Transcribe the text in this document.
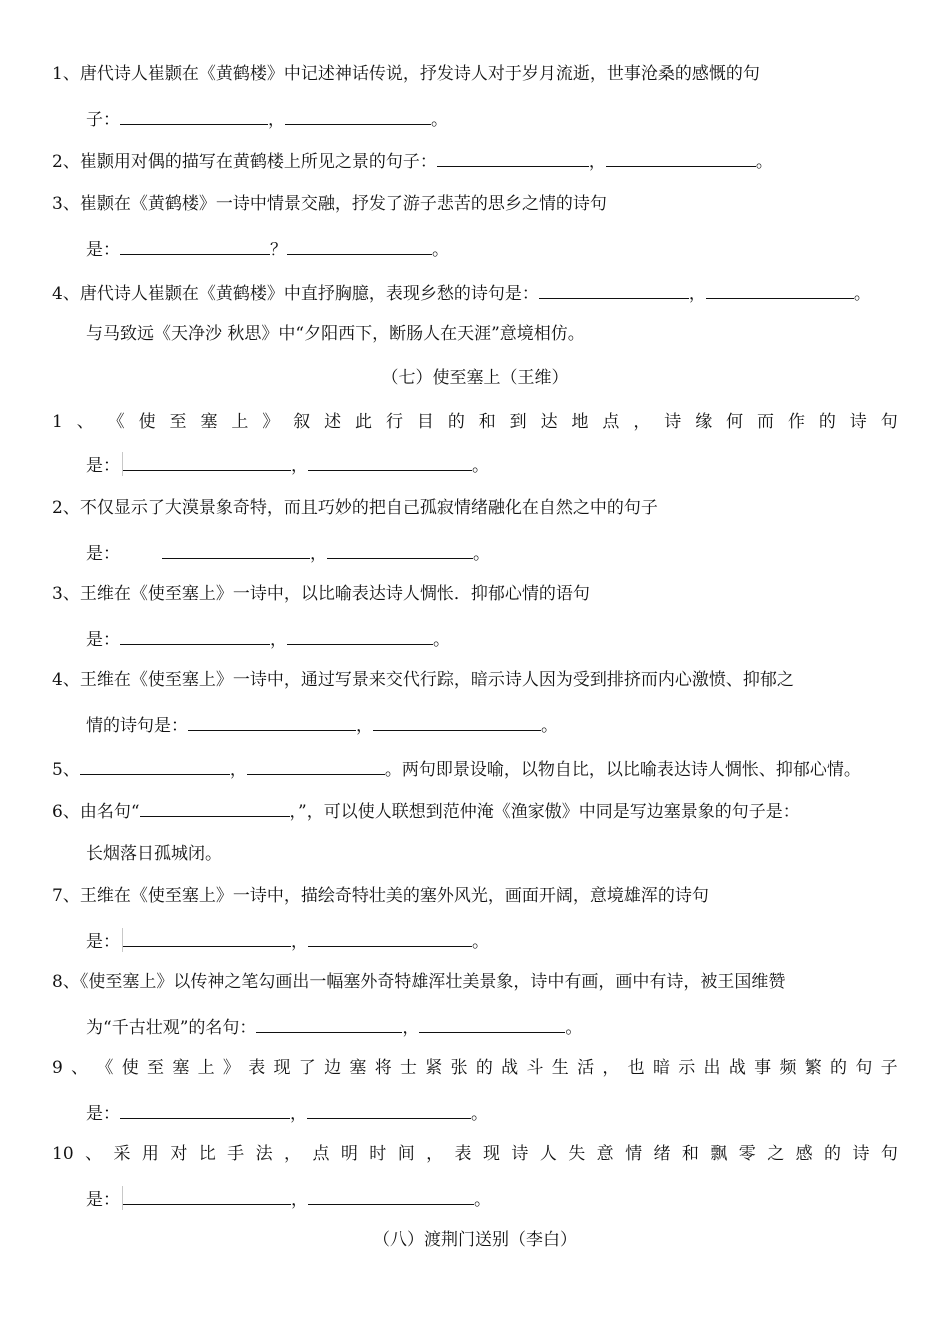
1、唐代诗人崔颢在《黄鹤楼》中记述神话传说，抒发诗人对于岁月流逝，世事沧桑的感慨的句
子：	，	。
2、崔颢用对偶的描写在黄鹤楼上所见之景的句子：	，	。
3、崔颢在《黄鹤楼》一诗中情景交融，抒发了游子悲苦的思乡之情的诗句
是：	？	。
4、唐代诗人崔颢在《黄鹤楼》中直抒胸臆，表现乡愁的诗句是：	，	。
与马致远《天净沙 秋思》中“夕阳西下，断肠人在天涯”意境相仿。
（七）使至塞上（王维）
1 、 《 使 至 塞 上 》 叙 述 此 行 目 的 和 到 达 地 点 ， 诗 缘 何 而 作 的 诗 句
是：	，	。
2、不仅显示了大漠景象奇特，而且巧妙的把自己孤寂情绪融化在自然之中的句子
是：	，	。
3、王维在《使至塞上》一诗中，以比喻表达诗人惆怅．抑郁心情的语句
是：	，	。
4、王维在《使至塞上》一诗中，通过写景来交代行踪，暗示诗人因为受到排挤而内心激愤、抑郁之
情的诗句是：	，	。
5、	，	。两句即景设喻，以物自比，以比喻表达诗人惆怅、抑郁心情。
6、由名句“	，”，可以使人联想到范仲淹《渔家傲》中同是写边塞景象的句子是：
长烟落日孤城闭。
7、王维在《使至塞上》一诗中，描绘奇特壮美的塞外风光，画面开阔，意境雄浑的诗句
是：	，	。
8、《使至塞上》以传神之笔勾画出一幅塞外奇特雄浑壮美景象，诗中有画，画中有诗，被王国维赞
为“千古壮观”的名句：	，	。
9 、 《 使 至 塞 上 》 表 现 了 边 塞 将 士 紧 张 的 战 斗 生 活 ， 也 暗 示 出 战 事 频 繁 的 句 子
是：	，	。
10 、 采 用 对 比 手 法 ， 点 明 时 间 ， 表 现 诗 人 失 意 情 绪 和 飘 零 之 感 的 诗 句
是：	，	。
（八）渡荆门送别（李白）
